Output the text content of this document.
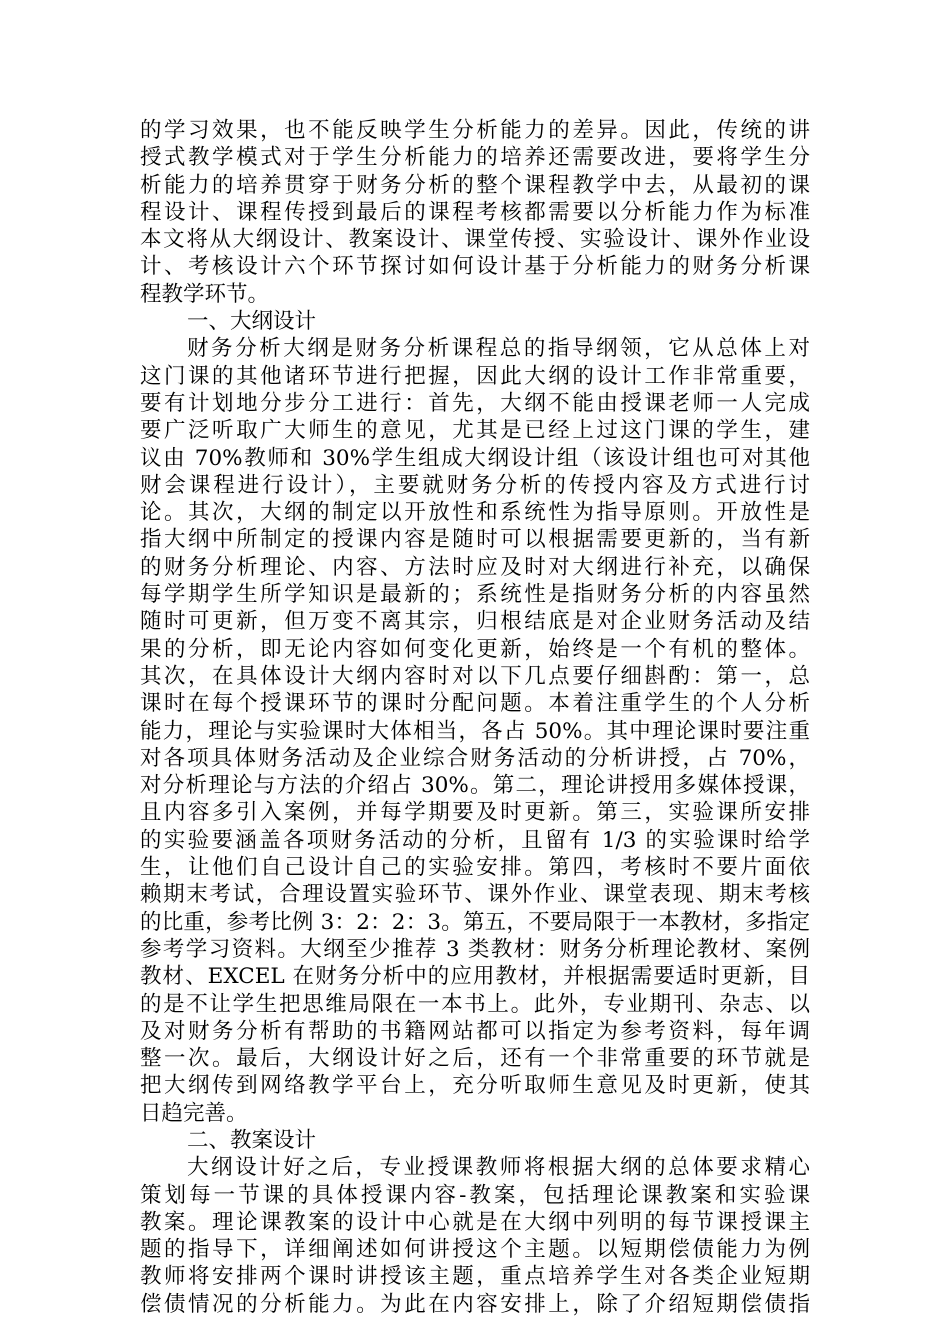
的学习效果，也不能反映学生分析能力的差异。因此，传统的讲
授式教学模式对于学生分析能力的培养还需要改进，要将学生分
析能力的培养贯穿于财务分析的整个课程教学中去，从最初的课
程设计、课程传授到最后的课程考核都需要以分析能力作为标准
本文将从大纲设计、教案设计、课堂传授、实验设计、课外作业设
计、考核设计六个环节探讨如何设计基于分析能力的财务分析课
程教学环节。
一、大纲设计
财务分析大纲是财务分析课程总的指导纲领，它从总体上对
这门课的其他诸环节进行把握，因此大纲的设计工作非常重要，
要有计划地分步分工进行：首先，大纲不能由授课老师一人完成
要广泛听取广大师生的意见，尤其是已经上过这门课的学生，建
议由 70%教师和 30%学生组成大纲设计组（该设计组也可对其他
财会课程进行设计），主要就财务分析的传授内容及方式进行讨
论。其次，大纲的制定以开放性和系统性为指导原则。开放性是
指大纲中所制定的授课内容是随时可以根据需要更新的，当有新
的财务分析理论、内容、方法时应及时对大纲进行补充，以确保
每学期学生所学知识是最新的；系统性是指财务分析的内容虽然
随时可更新，但万变不离其宗，归根结底是对企业财务活动及结
果的分析，即无论内容如何变化更新，始终是一个有机的整体。
其次，在具体设计大纲内容时对以下几点要仔细斟酌：第一，总
课时在每个授课环节的课时分配问题。本着注重学生的个人分析
能力，理论与实验课时大体相当，各占 50%。其中理论课时要注重
对各项具体财务活动及企业综合财务活动的分析讲授，占 70%，
对分析理论与方法的介绍占 30%。第二，理论讲授用多媒体授课，
且内容多引入案例，并每学期要及时更新。第三，实验课所安排
的实验要涵盖各项财务活动的分析，且留有 1/3 的实验课时给学
生，让他们自己设计自己的实验安排。第四，考核时不要片面依
赖期末考试，合理设置实验环节、课外作业、课堂表现、期末考核
的比重，参考比例 3：2：2：3。第五，不要局限于一本教材，多指定
参考学习资料。大纲至少推荐 3 类教材：财务分析理论教材、案例
教材、EXCEL 在财务分析中的应用教材，并根据需要适时更新，目
的是不让学生把思维局限在一本书上。此外，专业期刊、杂志、以
及对财务分析有帮助的书籍网站都可以指定为参考资料，每年调
整一次。最后，大纲设计好之后，还有一个非常重要的环节就是
把大纲传到网络教学平台上，充分听取师生意见及时更新，使其
日趋完善。
二、教案设计
大纲设计好之后，专业授课教师将根据大纲的总体要求精心
策划每一节课的具体授课内容-教案，包括理论课教案和实验课
教案。理论课教案的设计中心就是在大纲中列明的每节课授课主
题的指导下，详细阐述如何讲授这个主题。以短期偿债能力为例
教师将安排两个课时讲授该主题，重点培养学生对各类企业短期
偿债情况的分析能力。为此在内容安排上，除了介绍短期偿债指
